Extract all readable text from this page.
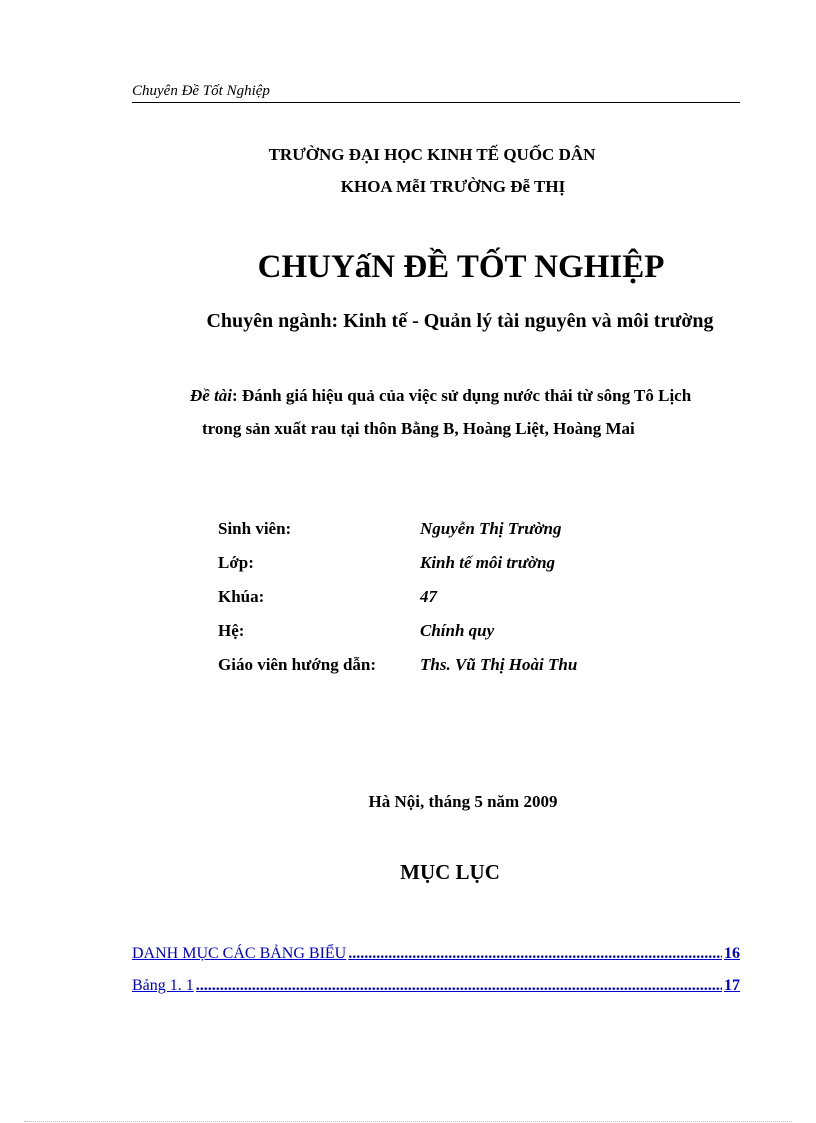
Chuyên Đề Tốt Nghiệp
TRƯỜNG ĐẠI HỌC KINH TẾ QUỐC DÂN
KHOA MễI TRƯỜNG Đễ THỊ
CHUYấN ĐỀ TỐT NGHIỆP
Chuyên ngành: Kinh tế - Quản lý tài nguyên và môi trường
Đề tài: Đánh giá hiệu quả của việc sử dụng nước thải từ sông Tô Lịch
trong sản xuất rau tại thôn Bằng B, Hoàng Liệt, Hoàng Mai
Sinh viên:	Nguyễn Thị Trường
Lớp:	Kinh tế môi trường
Khúa:	47
Hệ:	Chính quy
Giáo viên hướng dẫn:	Ths. Vũ Thị Hoài Thu
Hà Nội, tháng 5 năm 2009
MỤC LỤC
DANH MỤC CÁC BẢNG BIỂU .....	16
Bảng 1. 1 .....	17
